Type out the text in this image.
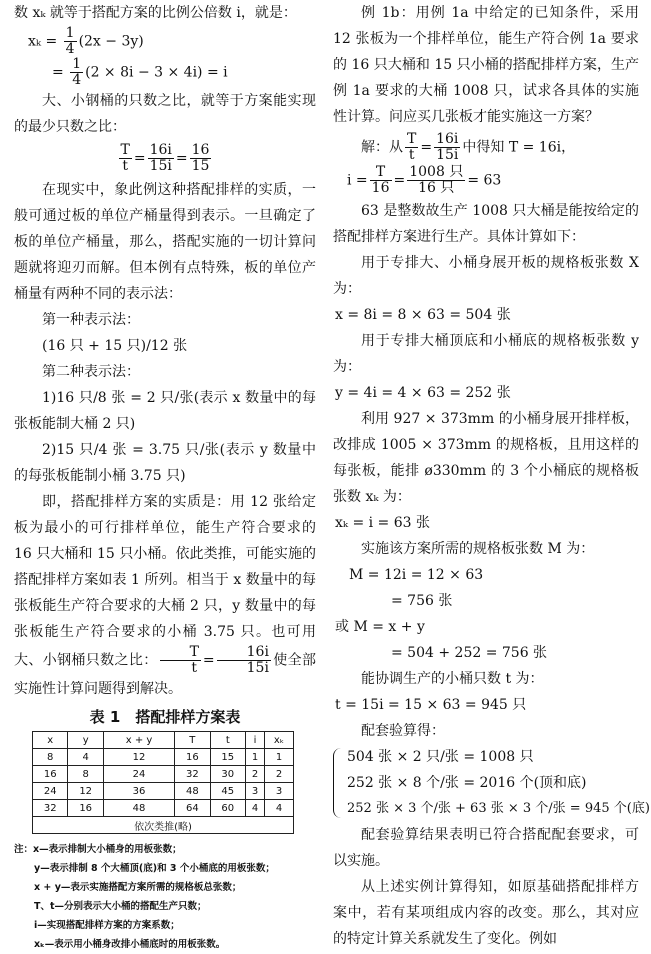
数 xₖ 就等于搭配方案的比例公倍数 i，就是：

$x_k = \frac{1}{4} (2x - 3y)$
= $\frac{1}{4} (2 \times 8i - 3 \times 4i) = i$

大、小钢桶的只数之比，就等于方案能实现的最少只数之比：

$\frac{T}{t} = \frac{16i}{15i} = \frac{16}{15}$

在现实中，象此例这种搭配排样的实质，一般可通过板的单位产桶量得到表示。一旦确定了板的单位产桶量，那么，搭配实施的一切计算问题就将迎刃而解。但本例有点特殊，板的单位产桶量有两种不同的表示法：

第一种表示法：

(16 只 + 15 只)/12 张

第二种表示法：

1)16 只/8 张 = 2 只/张(表示 x 数量中的每张板能制大桶 2 只)

2)15 只/4 张 = 3.75 只/张(表示 y 数量中的每张板能制小桶 3.75 只)

即，搭配排样方案的实质是：用 12 张给定板为最小的可行排样单位，能生产符合要求的 16 只大桶和 15 只小桶。依此类推，可能实施的搭配排样方案如表 1 所列。相当于 x 数量中的每张板能生产符合要求的大桶 2 只，y 数量中的每张板能生产符合要求的小桶 3.75 只。也可用大、小钢桶只数之比： $\frac{T}{t} = \frac{16i}{15i}$ 使全部实施性计算问题得到解决。

表 1　搭配排样方案表
x	y	x + y	T	t	i	xₖ
8	4	12	16	15	1	1
16	8	24	32	30	2	2
24	12	36	48	45	3	3
32	16	48	64	60	4	4
依次类推(略)						
注：x—表示排制大小桶身的用板张数；
y—表示排制 8 个大桶顶(底)和 3 个小桶底的用板张数；
x + y—表示实施搭配方案所需的规格板总张数；
T、t—分别表示大小桶的搭配生产只数；
i—实现搭配排样方案的方案系数；
xₖ—表示用小桶身改排小桶底时的用板张数。

例 1b：用例 1a 中给定的已知条件，采用 12 张板为一个排样单位，能生产符合例 1a 要求的 16 只大桶和 15 只小桶的搭配排样方案，生产例 1a 要求的大桶 1008 只，试求各具体的实施性计算。问应买几张板才能实施这一方案？

解：从 $\frac{T}{t} = \frac{16i}{15i}$ 中得知 T = 16i，
$i = \frac{T}{16} = \frac{\text{1008 只}}{\text{16 只}} = 63$

63 是整数故生产 1008 只大桶是能按给定的搭配排样方案进行生产。具体计算如下：

用于专排大、小桶身展开板的规格板张数 X 为：

x = 8i = 8 × 63 = 504 张

用于专排大桶顶底和小桶底的规格板张数 y 为：

y = 4i = 4 × 63 = 252 张

利用 927 × 373mm 的小桶身展开排样板，改排成 1005 × 373mm 的规格板，且用这样的每张板，能排 ø330mm 的 3 个小桶底的规格板张数 xₖ 为：

xₖ = i = 63 张

实施该方案所需的规格板张数 M 为：

M = 12i = 12 × 63

= 756 张

或 M = x + y

= 504 + 252 = 756 张

能协调生产的小桶只数 t 为：

t = 15i = 15 × 63 = 945 只

配套验算得：

504 张 × 2 只/张 = 1008 只
252 张 × 8 个/张 = 2016 个(顶和底)
252 张 × 3 个/张 + 63 张 × 3 个/张 = 945 个(底)

配套验算结果表明已符合搭配配套要求，可以实施。

从上述实例计算得知，如原基础搭配排样方案中，若有某项组成内容的改变。那么，其对应的特定计算关系就发生了变化。例如
